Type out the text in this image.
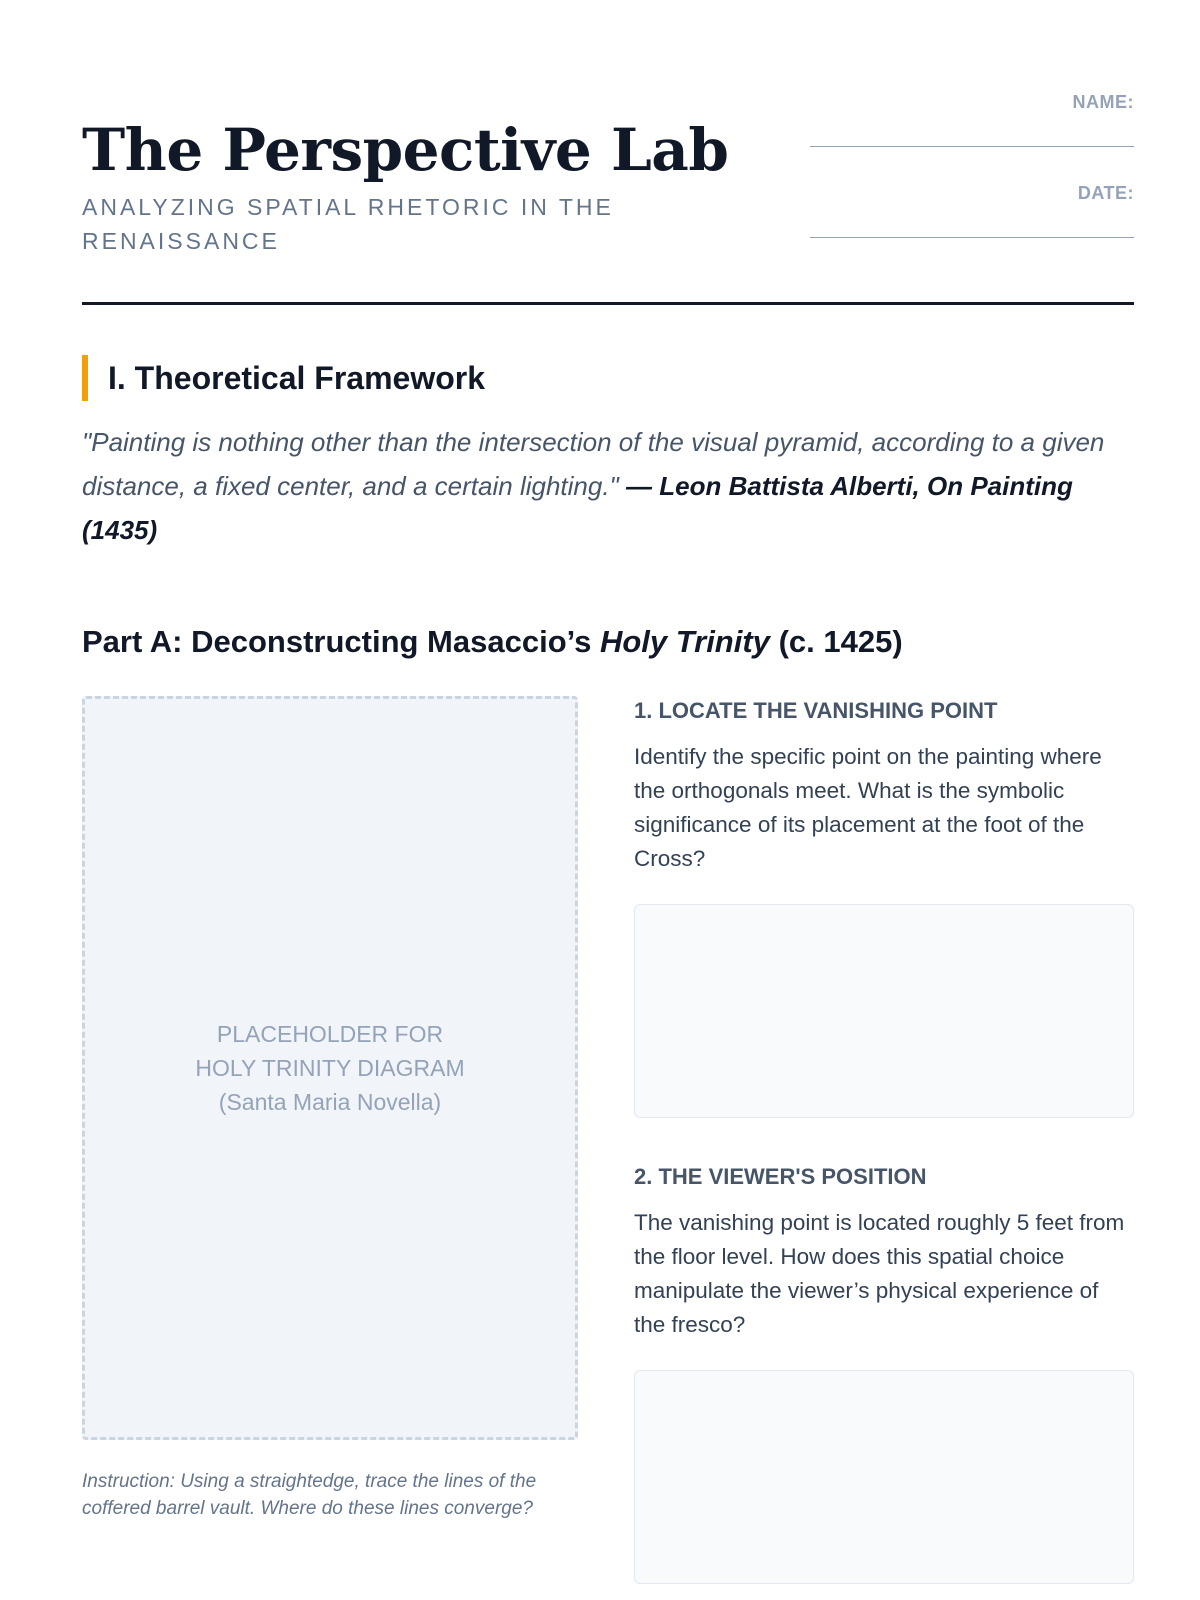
The Perspective Lab

ANALYZING SPATIAL RHETORIC IN THE RENAISSANCE

NAME:
DATE:
I. Theoretical Framework

"Painting is nothing other than the intersection of the visual pyramid, according to a given distance, a fixed center, and a certain lighting." — Leon Battista Alberti, On Painting (1435)

Part A: Deconstructing Masaccio’s Holy Trinity (c. 1425)
PLACEHOLDER FOR
HOLY TRINITY DIAGRAM
(Santa Maria Novella)

Instruction: Using a straightedge, trace the lines of the coffered barrel vault. Where do these lines converge?

1. LOCATE THE VANISHING POINT

Identify the specific point on the painting where the orthogonals meet. What is the symbolic significance of its placement at the foot of the Cross?

2. THE VIEWER'S POSITION

The vanishing point is located roughly 5 feet from the floor level. How does this spatial choice manipulate the viewer’s physical experience of the fresco?
